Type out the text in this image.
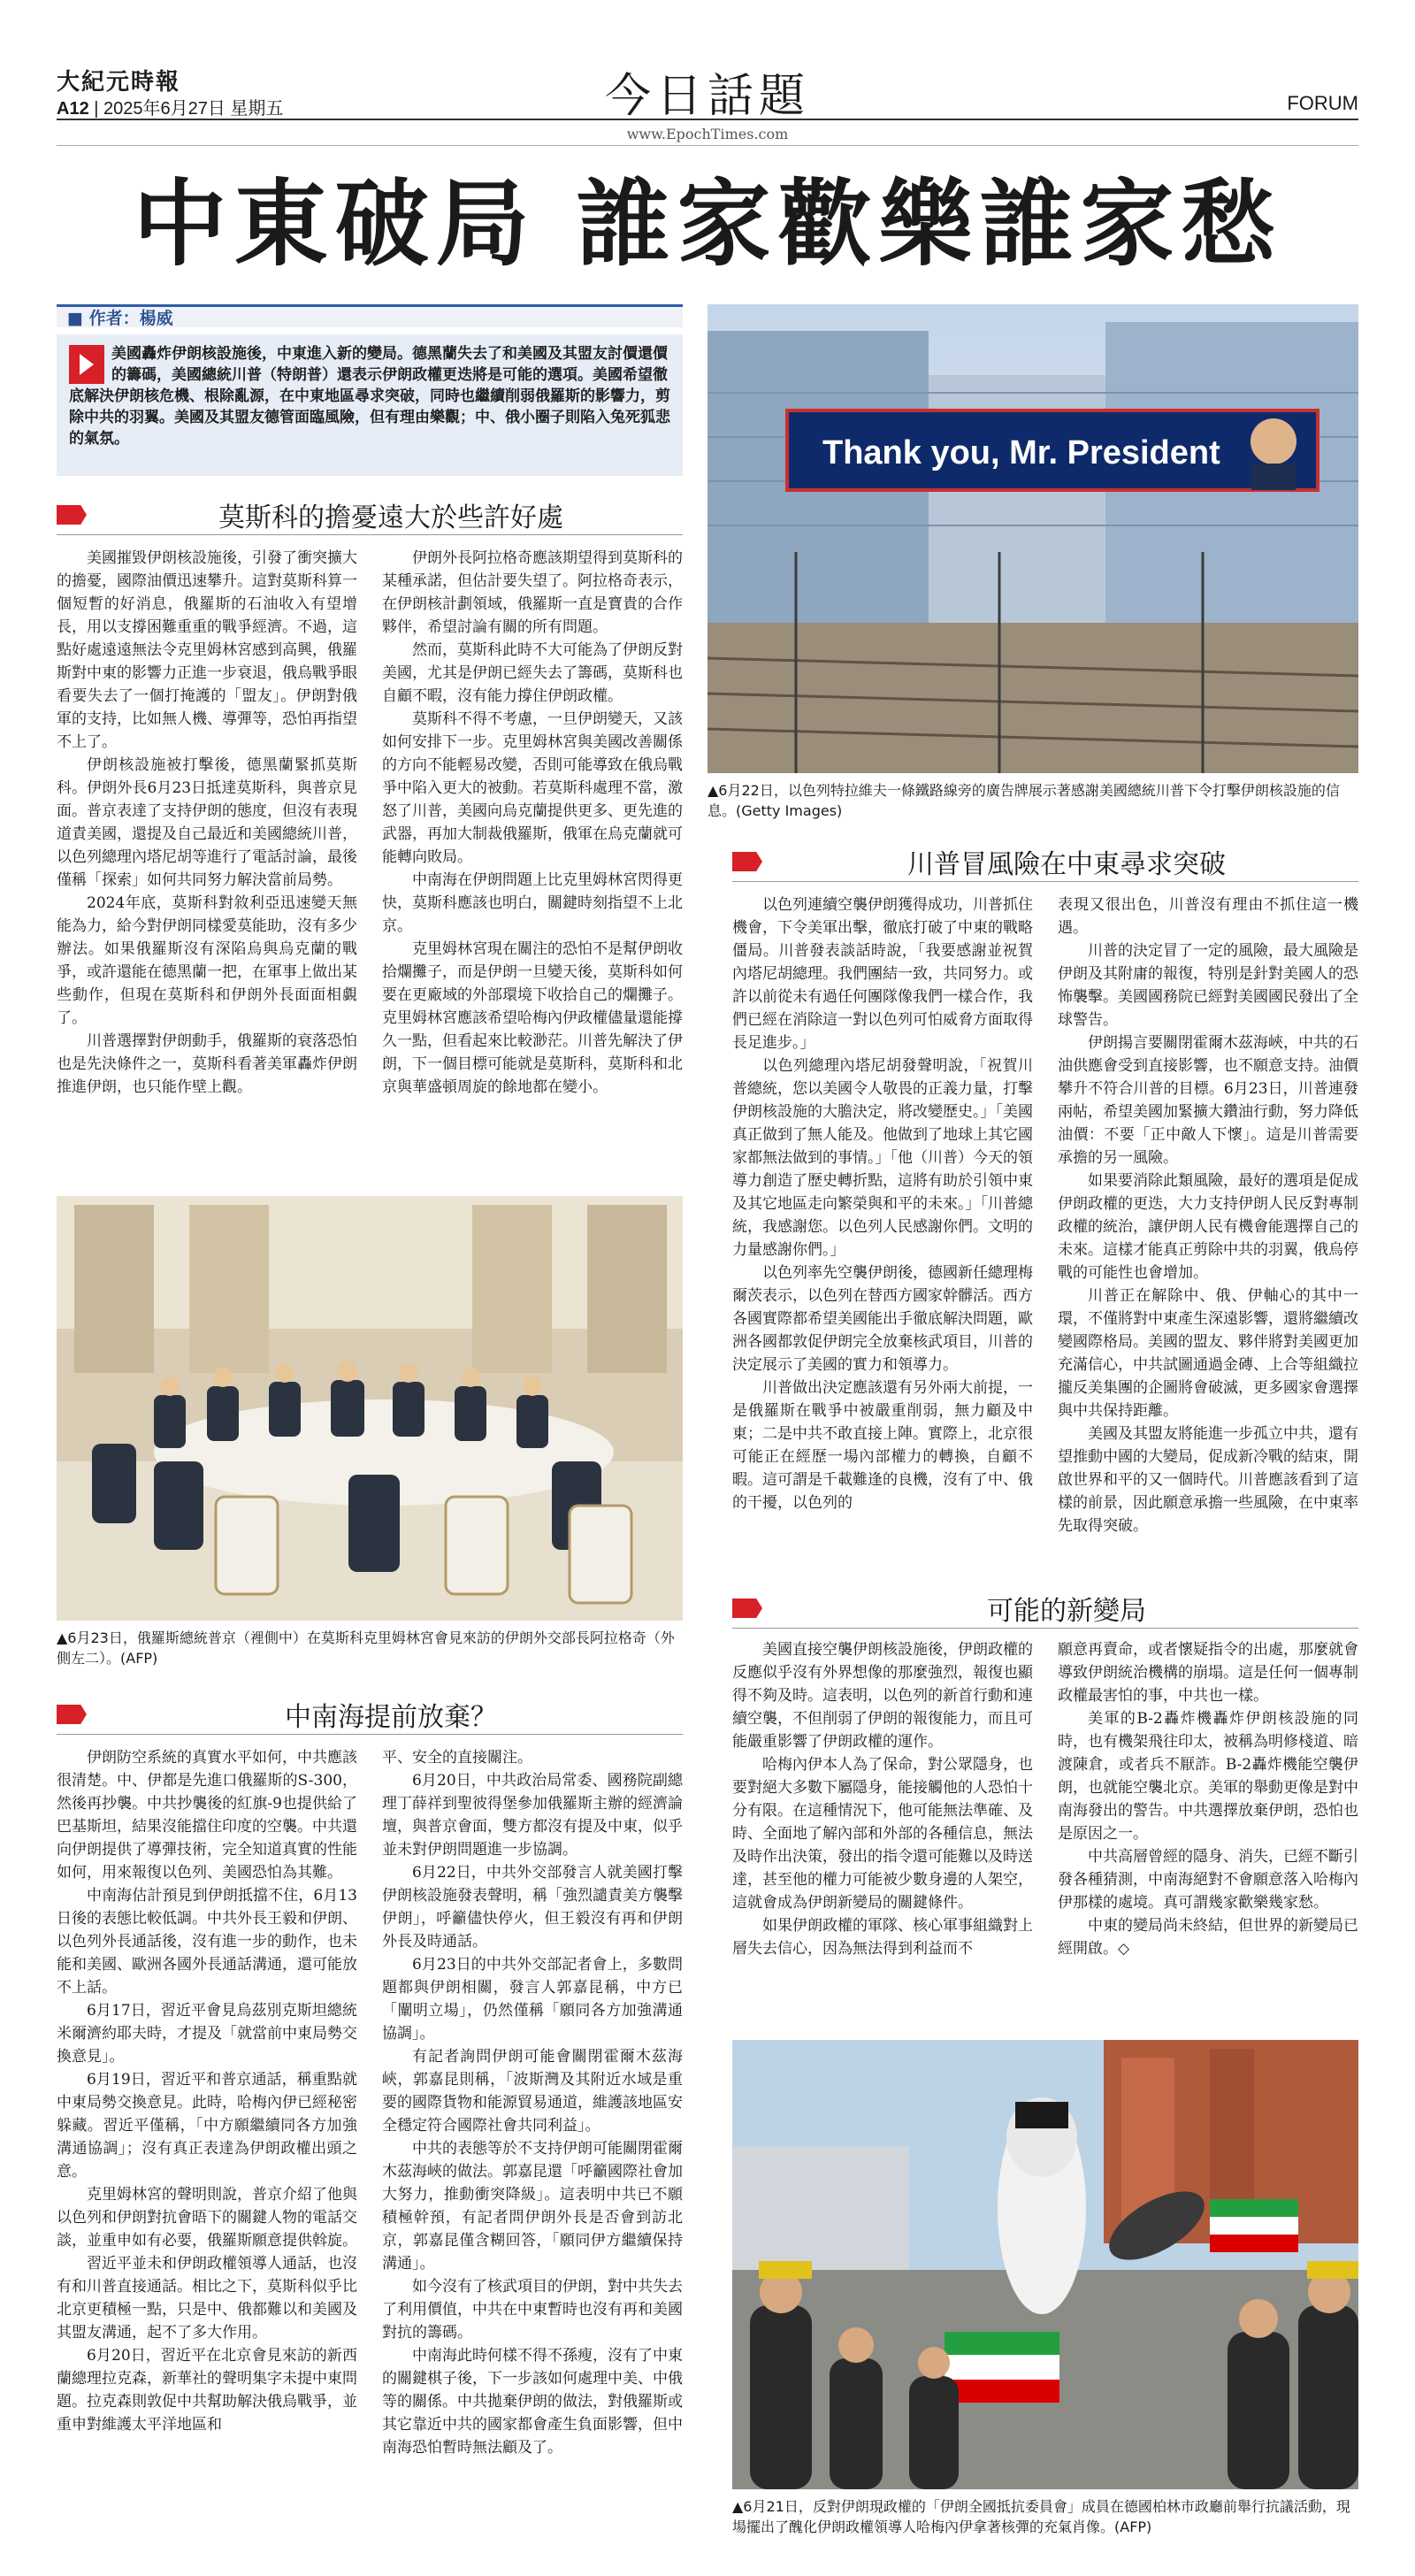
大紀元時報
A12 | 2025年6月27日 星期五	今日話題
www.EpochTimes.com
FORUM
中東破局 誰家歡樂誰家愁
■ 作者：楊威
美國轟炸伊朗核設施後，中東進入新的變局。德黑蘭失去了和美國及其盟友討價還價的籌碼，美國總統川普（特朗普）還表示伊朗政權更迭將是可能的選項。美國希望徹底解決伊朗核危機、根除亂源，在中東地區尋求突破，同時也繼續削弱俄羅斯的影響力，剪除中共的羽翼。美國及其盟友德管面臨風險，但有理由樂觀；中、俄小圈子則陷入兔死狐悲的氣氛。
莫斯科的擔憂遠大於些許好處

美國摧毀伊朗核設施後，引發了衝突擴大的擔憂，國際油價迅速攀升。這對莫斯科算一個短暫的好消息，俄羅斯的石油收入有望增長，用以支撐困難重重的戰爭經濟。不過，這點好處遠遠無法令克里姆林宮感到高興，俄羅斯對中東的影響力正進一步衰退，俄烏戰爭眼看要失去了一個打掩護的「盟友」。伊朗對俄軍的支持，比如無人機、導彈等，恐怕再指望不上了。

伊朗核設施被打擊後，德黑蘭緊抓莫斯科。伊朗外長6月23日抵達莫斯科，與普京見面。普京表達了支持伊朗的態度，但沒有表現道責美國，還提及自己最近和美國總統川普，以色列總理內塔尼胡等進行了電話討論，最後僅稱「探索」如何共同努力解決當前局勢。

2024年底，莫斯科對敘利亞迅速變天無能為力，給今對伊朗同樣愛莫能助，沒有多少辦法。如果俄羅斯沒有深陷烏與烏克蘭的戰爭，或許還能在德黑蘭一把，在軍事上做出某些動作，但現在莫斯科和伊朗外長面面相覷了。

川普選擇對伊朗動手，俄羅斯的衰落恐怕也是先決條件之一，莫斯科看著美軍轟炸伊朗推進伊朗，也只能作壁上觀。

伊朗外長阿拉格奇應該期望得到莫斯科的某種承諾，但估計要失望了。阿拉格奇表示，在伊朗核計劃領域，俄羅斯一直是寶貴的合作夥伴，希望討論有關的所有問題。

然而，莫斯科此時不大可能為了伊朗反對美國，尤其是伊朗已經失去了籌碼，莫斯科也自顧不暇，沒有能力撐住伊朗政權。

莫斯科不得不考慮，一旦伊朗變天，又該如何安排下一步。克里姆林宮與美國改善關係的方向不能輕易改變，否則可能導致在俄烏戰爭中陷入更大的被動。若莫斯科處理不當，激怒了川普，美國向烏克蘭提供更多、更先進的武器，再加大制裁俄羅斯，俄軍在烏克蘭就可能轉向敗局。

中南海在伊朗問題上比克里姆林宮閃得更快，莫斯科應該也明白，關鍵時刻指望不上北京。

克里姆林宮現在關注的恐怕不是幫伊朗收拾爛攤子，而是伊朗一旦變天後，莫斯科如何要在更廠域的外部環境下收拾自己的爛攤子。克里姆林宮應該希望哈梅內伊政權儘量還能撐久一點，但看起來比較渺茫。川普先解決了伊朗，下一個目標可能就是莫斯科，莫斯科和北京與華盛頓周旋的餘地都在變小。

▲6月23日，俄羅斯總統普京（裡側中）在莫斯科克里姆林宮會見來訪的伊朗外交部長阿拉格奇（外側左二）。(AFP)
中南海提前放棄？

伊朗防空系統的真實水平如何，中共應該很清楚。中、伊都是先進口俄羅斯的S-300，然後再抄襲。中共抄襲後的紅旗-9也提供給了巴基斯坦，結果沒能擋住印度的空襲。中共還向伊朗提供了導彈技術，完全知道真實的性能如何，用來報復以色列、美國恐怕為其難。

中南海估計預見到伊朗抵擋不住，6月13日後的表態比較低調。中共外長王毅和伊朗、以色列外長通話後，沒有進一步的動作，也未能和美國、歐洲各國外長通話溝通，還可能放不上話。

6月17日，習近平會見烏茲別克斯坦總統米爾濟約耶夫時，才提及「就當前中東局勢交換意見」。

6月19日，習近平和普京通話，稱重點就中東局勢交換意見。此時，哈梅內伊已經秘密躲藏。習近平僅稱，「中方願繼續同各方加強溝通協調」；沒有真正表達為伊朗政權出頭之意。

克里姆林宮的聲明則說，普京介紹了他與以色列和伊朗對抗會晤下的關鍵人物的電話交談，並重申如有必要，俄羅斯願意提供斡旋。

習近平並未和伊朗政權領導人通話，也沒有和川普直接通話。相比之下，莫斯科似乎比北京更積極一點，只是中、俄都難以和美國及其盟友溝通，起不了多大作用。

6月20日，習近平在北京會見來訪的新西蘭總理拉克森，新華社的聲明集字未提中東問題。拉克森則敦促中共幫助解決俄烏戰爭，並重申對維護太平洋地區和

平、安全的直接關注。

6月20日，中共政治局常委、國務院副總理丁薛祥到聖彼得堡參加俄羅斯主辦的經濟論壇，與普京會面，雙方都沒有提及中東，似乎並未對伊朗問題進一步協調。

6月22日，中共外交部發言人就美國打擊伊朗核設施發表聲明，稱「強烈譴責美方襲擊伊朗」，呼籲儘快停火，但王毅沒有再和伊朗外長及時通話。

6月23日的中共外交部記者會上，多數問題都與伊朗相關，發言人郭嘉昆稱，中方已「闡明立場」，仍然僅稱「願同各方加強溝通協調」。

有記者詢問伊朗可能會關閉霍爾木茲海峽，郭嘉昆則稱，「波斯灣及其附近水域是重要的國際貨物和能源貿易通道，維護該地區安全穩定符合國際社會共同利益」。

中共的表態等於不支持伊朗可能關閉霍爾木茲海峽的做法。郭嘉昆還「呼籲國際社會加大努力，推動衝突降級」。這表明中共已不願積極幹預，有記者問伊朗外長是否會到訪北京，郭嘉昆僅含糊回答，「願同伊方繼續保持溝通」。

如今沒有了核武項目的伊朗，對中共失去了利用價值，中共在中東暫時也沒有再和美國對抗的籌碼。

中南海此時何樣不得不孫瘦，沒有了中東的關鍵棋子後，下一步該如何處理中美、中俄等的關係。中共拋棄伊朗的做法，對俄羅斯或其它靠近中共的國家都會產生負面影響，但中南海恐怕暫時無法顧及了。

Thank you, Mr. President
▲6月22日，以色列特拉維夫一條鐵路線旁的廣告牌展示著感謝美國總統川普下令打擊伊朗核設施的信息。(Getty Images)
川普冒風險在中東尋求突破

以色列連續空襲伊朗獲得成功，川普抓住機會，下令美軍出擊，徹底打破了中東的戰略僵局。川普發表談話時說，「我要感謝並祝賀內塔尼胡總理。我們團結一致，共同努力。或許以前從未有過任何團隊像我們一樣合作，我們已經在消除這一對以色列可怕威脅方面取得長足進步。」

以色列總理內塔尼胡發聲明說，「祝賀川普總統，您以美國令人敬畏的正義力量，打擊伊朗核設施的大膽決定，將改變歷史。」「美國真正做到了無人能及。他做到了地球上其它國家都無法做到的事情。」「他（川普）今天的領導力創造了歷史轉折點，這將有助於引領中東及其它地區走向繁榮與和平的未來。」「川普總統，我感謝您。以色列人民感謝你們。文明的力量感謝你們。」

以色列率先空襲伊朗後，德國新任總理梅爾茨表示，以色列在替西方國家幹髒活。西方各國實際都希望美國能出手徹底解決問題，歐洲各國都敦促伊朗完全放棄核武項目，川普的決定展示了美國的實力和領導力。

川普做出決定應該還有另外兩大前提，一是俄羅斯在戰爭中被嚴重削弱，無力顧及中東；二是中共不敢直接上陣。實際上，北京很可能正在經歷一場內部權力的轉換，自顧不暇。這可謂是千載難逢的良機，沒有了中、俄的干擾，以色列的

表現又很出色，川普沒有理由不抓住這一機遇。

川普的決定冒了一定的風險，最大風險是伊朗及其附庸的報復，特別是針對美國人的恐怖襲擊。美國國務院已經對美國國民發出了全球警告。

伊朗揚言要關閉霍爾木茲海峽，中共的石油供應會受到直接影響，也不願意支持。油價攀升不符合川普的目標。6月23日，川普連發兩帖，希望美國加緊擴大鑽油行動，努力降低油價：不要「正中敵人下懷」。這是川普需要承擔的另一風險。

如果要消除此類風險，最好的選項是促成伊朗政權的更迭，大力支持伊朗人民反對專制政權的統治，讓伊朗人民有機會能選擇自己的未來。這樣才能真正剪除中共的羽翼，俄烏停戰的可能性也會增加。

川普正在解除中、俄、伊軸心的其中一環，不僅將對中東產生深遠影響，還將繼續改變國際格局。美國的盟友、夥伴將對美國更加充滿信心，中共試圖通過金磚、上合等組織拉攏反美集團的企圖將會破滅，更多國家會選擇與中共保持距離。

美國及其盟友將能進一步孤立中共，還有望推動中國的大變局，促成新冷戰的結束，開啟世界和平的又一個時代。川普應該看到了這樣的前景，因此願意承擔一些風險，在中東率先取得突破。

可能的新變局

美國直接空襲伊朗核設施後，伊朗政權的反應似乎沒有外界想像的那麼強烈，報復也顯得不夠及時。這表明，以色列的新首行動和連續空襲，不但削弱了伊朗的報復能力，而且可能嚴重影響了伊朗政權的運作。

哈梅內伊本人為了保命，對公眾隱身，也要對絕大多數下屬隱身，能接觸他的人恐怕十分有限。在這種情況下，他可能無法準確、及時、全面地了解內部和外部的各種信息，無法及時作出決策，發出的指令還可能難以及時送達，甚至他的權力可能被少數身邊的人架空，這就會成為伊朗新變局的關鍵條件。

如果伊朗政權的軍隊、核心軍事組織對上層失去信心，因為無法得到利益而不

願意再賣命，或者懷疑指令的出處，那麼就會導致伊朗統治機構的崩塌。這是任何一個專制政權最害怕的事，中共也一樣。

美軍的B-2轟炸機轟炸伊朗核設施的同時，也有機架飛往印太，被稱為明修棧道、暗渡陳倉，或者兵不厭詐。B-2轟炸機能空襲伊朗，也就能空襲北京。美軍的舉動更像是對中南海發出的警告。中共選擇放棄伊朗，恐怕也是原因之一。

中共高層曾經的隱身、消失，已經不斷引發各種猜測，中南海絕對不會願意落入哈梅內伊那樣的處境。真可謂幾家歡樂幾家愁。

中東的變局尚未終結，但世界的新變局已經開啟。◇

▲6月21日，反對伊朗現政權的「伊朗全國抵抗委員會」成員在德國柏林市政廳前舉行抗議活動，現場擺出了醜化伊朗政權領導人哈梅內伊拿著核彈的充氣肖像。(AFP)
